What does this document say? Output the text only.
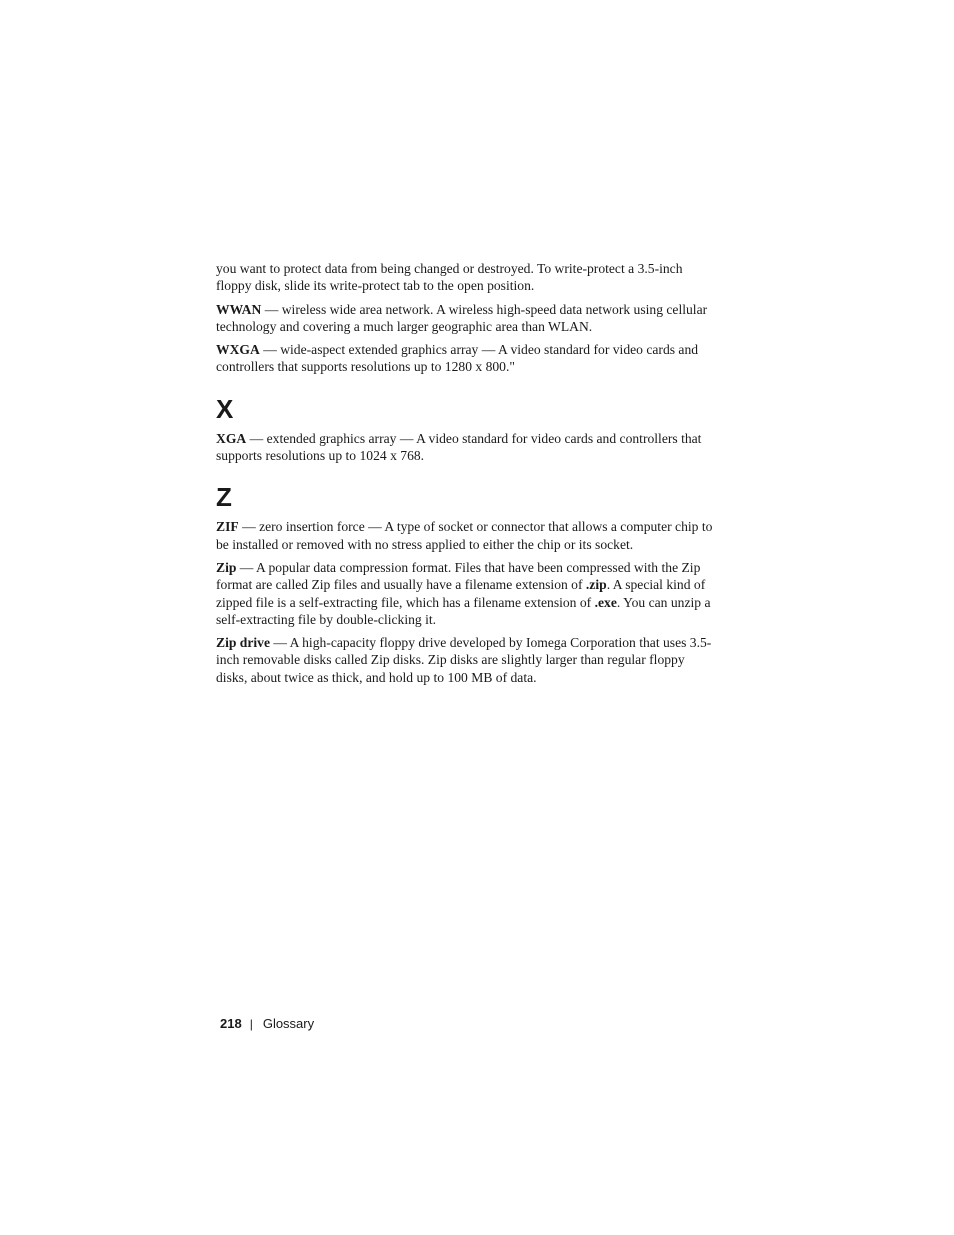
you want to protect data from being changed or destroyed. To write-protect a 3.5-inch floppy disk, slide its write-protect tab to the open position.

WWAN — wireless wide area network. A wireless high-speed data network using cellular technology and covering a much larger geographic area than WLAN.

WXGA — wide-aspect extended graphics array — A video standard for video cards and controllers that supports resolutions up to 1280 x 800."

X

XGA — extended graphics array — A video standard for video cards and controllers that supports resolutions up to 1024 x 768.

Z

ZIF — zero insertion force — A type of socket or connector that allows a computer chip to be installed or removed with no stress applied to either the chip or its socket.

Zip — A popular data compression format. Files that have been compressed with the Zip format are called Zip files and usually have a filename extension of .zip. A special kind of zipped file is a self-extracting file, which has a filename extension of .exe. You can unzip a self-extracting file by double-clicking it.

Zip drive — A high-capacity floppy drive developed by Iomega Corporation that uses 3.5-inch removable disks called Zip disks. Zip disks are slightly larger than regular floppy disks, about twice as thick, and hold up to 100 MB of data.

218 | Glossary
